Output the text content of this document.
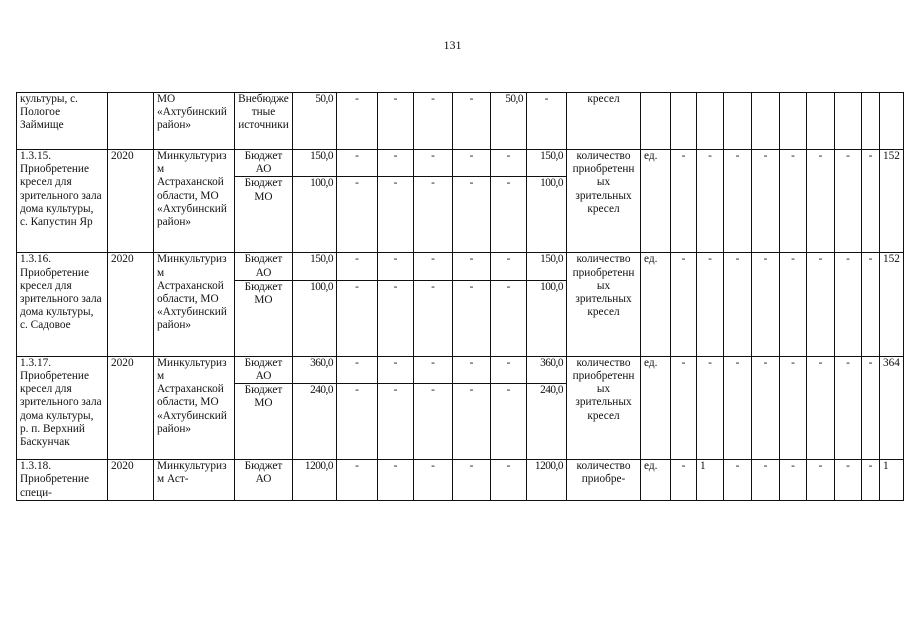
131
культуры, с. Пологое Займище		МО «Ахтубинский район»	Внебюджетные источники	50,0	-	-	-	-	50,0	-	кресел										
1.3.15. Приобретение кресел для зрительного зала дома культуры, с. Капустин Яр	2020	Минкультуризм Астраханской области, МО «Ахтубинский район»	Бюджет АО	150,0	-	-	-	-	-	150,0	количество приобретенных зрительных кресел	ед.	-	-	-	-	-	-	-	-	152
			Бюджет МО	100,0	-	-	-	-	-	100,0											
1.3.16. Приобретение кресел для зрительного зала дома культуры, с. Садовое	2020	Минкультуризм Астраханской области, МО «Ахтубинский район»	Бюджет АО	150,0	-	-	-	-	-	150,0	количество приобретенных зрительных кресел	ед.	-	-	-	-	-	-	-	-	152
			Бюджет МО	100,0	-	-	-	-	-	100,0											
1.3.17. Приобретение кресел для зрительного зала дома культуры, р. п. Верхний Баскунчак	2020	Минкультуризм Астраханской области, МО «Ахтубинский район»	Бюджет АО	360,0	-	-	-	-	-	360,0	количество приобретенных зрительных кресел	ед.	-	-	-	-	-	-	-	-	364
			Бюджет МО	240,0	-	-	-	-	-	240,0											
1.3.18. Приобретение специ-	2020	Минкультуризм Аст-	Бюджет АО	1200,0	-	-	-	-	-	1200,0	количество приобре-	ед.	-	1	-	-	-	-	-	-	1
